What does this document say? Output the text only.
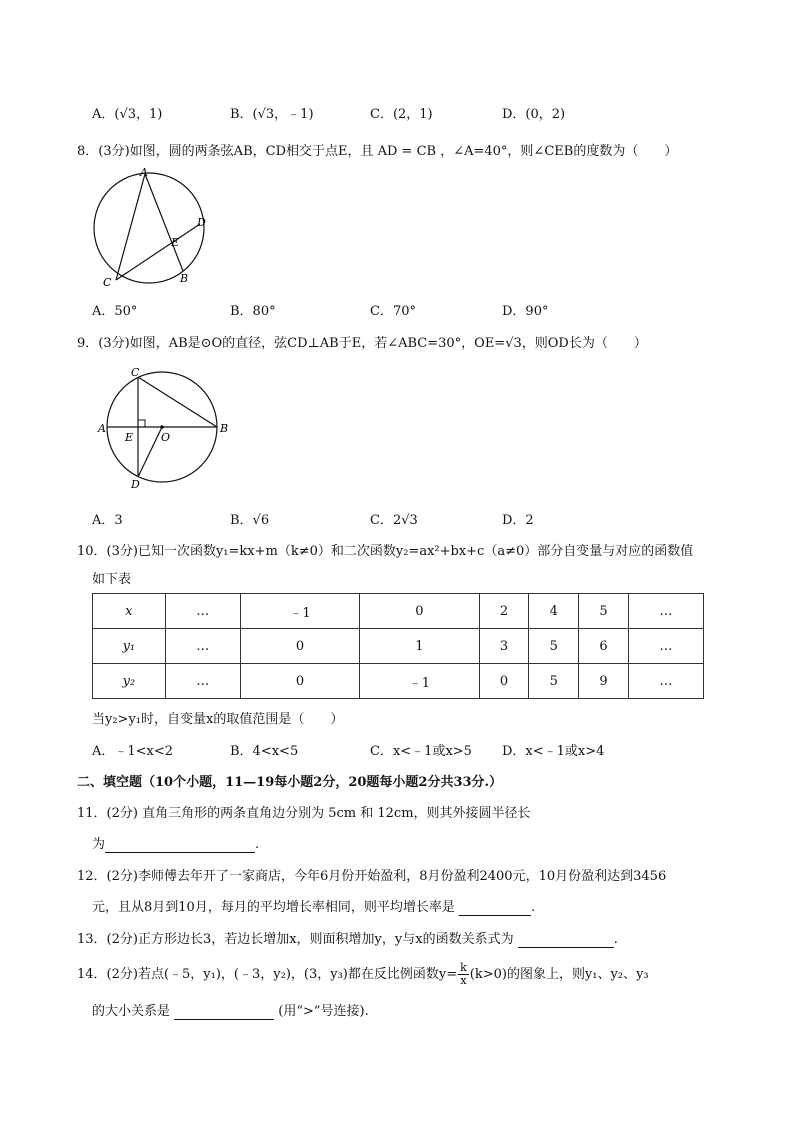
A．(√3，1)	B．(√3，﹣1)	C．(2，1)	D．(0，2)
8．(3分)如图，圆的两条弦AB，CD相交于点E，且 AD = CB ，∠A=40°，则∠CEB的度数为（　　）
A
B
C
D
E
A．50°	B．80°	C．70°	D．90°
9．(3分)如图，AB是⊙O的直径，弦CD⊥AB于E，若∠ABC=30°，OE=√3，则OD长为（　　）
C
A
E	O
B
D
A．3	B．√6	C．2√3	D．2
10．(3分)已知一次函数y₁=kx+m（k≠0）和二次函数y₂=ax²+bx+c（a≠0）部分自变量与对应的函数值
如下表
x	…	﹣1	0	2	4	5	…
y₁	…	0	1	3	5	6	…
y₂	…	0	﹣1	0	5	9	…
当y₂>y₁时，自变量x的取值范围是（　　）
A．﹣1<x<2	B．4<x<5	C．x<﹣1或x>5 D．x<﹣1或x>4
二、填空题（10个小题，11—19每小题2分，20题每小题2分共33分.）
11．(2分) 直角三角形的两条直角边分别为 5cm 和 12cm，则其外接圆半径长
为	.
12．(2分)李师傅去年开了一家商店，今年6月份开始盈利，8月份盈利2400元，10月份盈利达到3456
元，且从8月到10月，每月的平均增长率相同，则平均增长率是	.
13．(2分)正方形边长3，若边长增加x，则面积增加y，y与x的函数关系式为	.
14．(2分)若点(﹣5，y₁)，(﹣3，y₂)，(3，y₃)都在反比例函数$y= \frac{k}{x} (k>0)$的图象上，则y₁、y₂、y₃
的大小关系是	(用“>”号连接).
